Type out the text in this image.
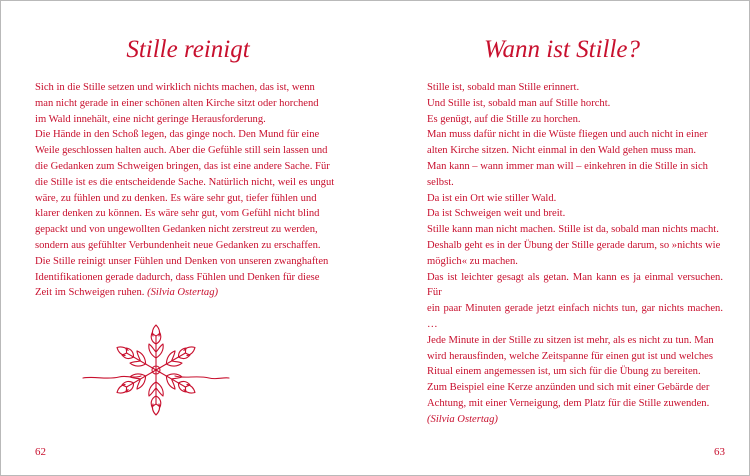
Stille reinigt

Sich in die Stille setzen und wirklich nichts machen, das ist, wenn
man nicht gerade in einer schönen alten Kirche sitzt oder horchend
im Wald innehält, eine nicht geringe Herausforderung.
Die Hände in den Schoß legen, das ginge noch. Den Mund für eine
Weile geschlossen halten auch. Aber die Gefühle still sein lassen und
die Gedanken zum Schweigen bringen, das ist eine andere Sache. Für
die Stille ist es die entscheidende Sache. Natürlich nicht, weil es ungut
wäre, zu fühlen und zu denken. Es wäre sehr gut, tiefer fühlen und
klarer denken zu können. Es wäre sehr gut, vom Gefühl nicht blind
gepackt und von ungewollten Gedanken nicht zerstreut zu werden,
sondern aus gefühlter Verbundenheit neue Gedanken zu erschaffen.
Die Stille reinigt unser Fühlen und Denken von unseren zwanghaften
Identifikationen gerade dadurch, dass Fühlen und Denken für diese
Zeit im Schweigen ruhen. (Silvia Ostertag)

62
Wann ist Stille?

Stille ist, sobald man Stille erinnert.
Und Stille ist, sobald man auf Stille horcht.
Es genügt, auf die Stille zu horchen.
Man muss dafür nicht in die Wüste fliegen und auch nicht in einer
alten Kirche sitzen. Nicht einmal in den Wald gehen muss man.
Man kann – wann immer man will – einkehren in die Stille in sich
selbst.
Da ist ein Ort wie stiller Wald.
Da ist Schweigen weit und breit.
Stille kann man nicht machen. Stille ist da, sobald man nichts macht.
Deshalb geht es in der Übung der Stille gerade darum, so »nichts wie
möglich« zu machen.
Das ist leichter gesagt als getan. Man kann es ja einmal versuchen. Für
ein paar Minuten gerade jetzt einfach nichts tun, gar nichts machen. …
Jede Minute in der Stille zu sitzen ist mehr, als es nicht zu tun. Man
wird herausfinden, welche Zeitspanne für einen gut ist und welches
Ritual einem angemessen ist, um sich für die Übung zu bereiten.
Zum Beispiel eine Kerze anzünden und sich mit einer Gebärde der
Achtung, mit einer Verneigung, dem Platz für die Stille zuwenden.
(Silvia Ostertag)

63
